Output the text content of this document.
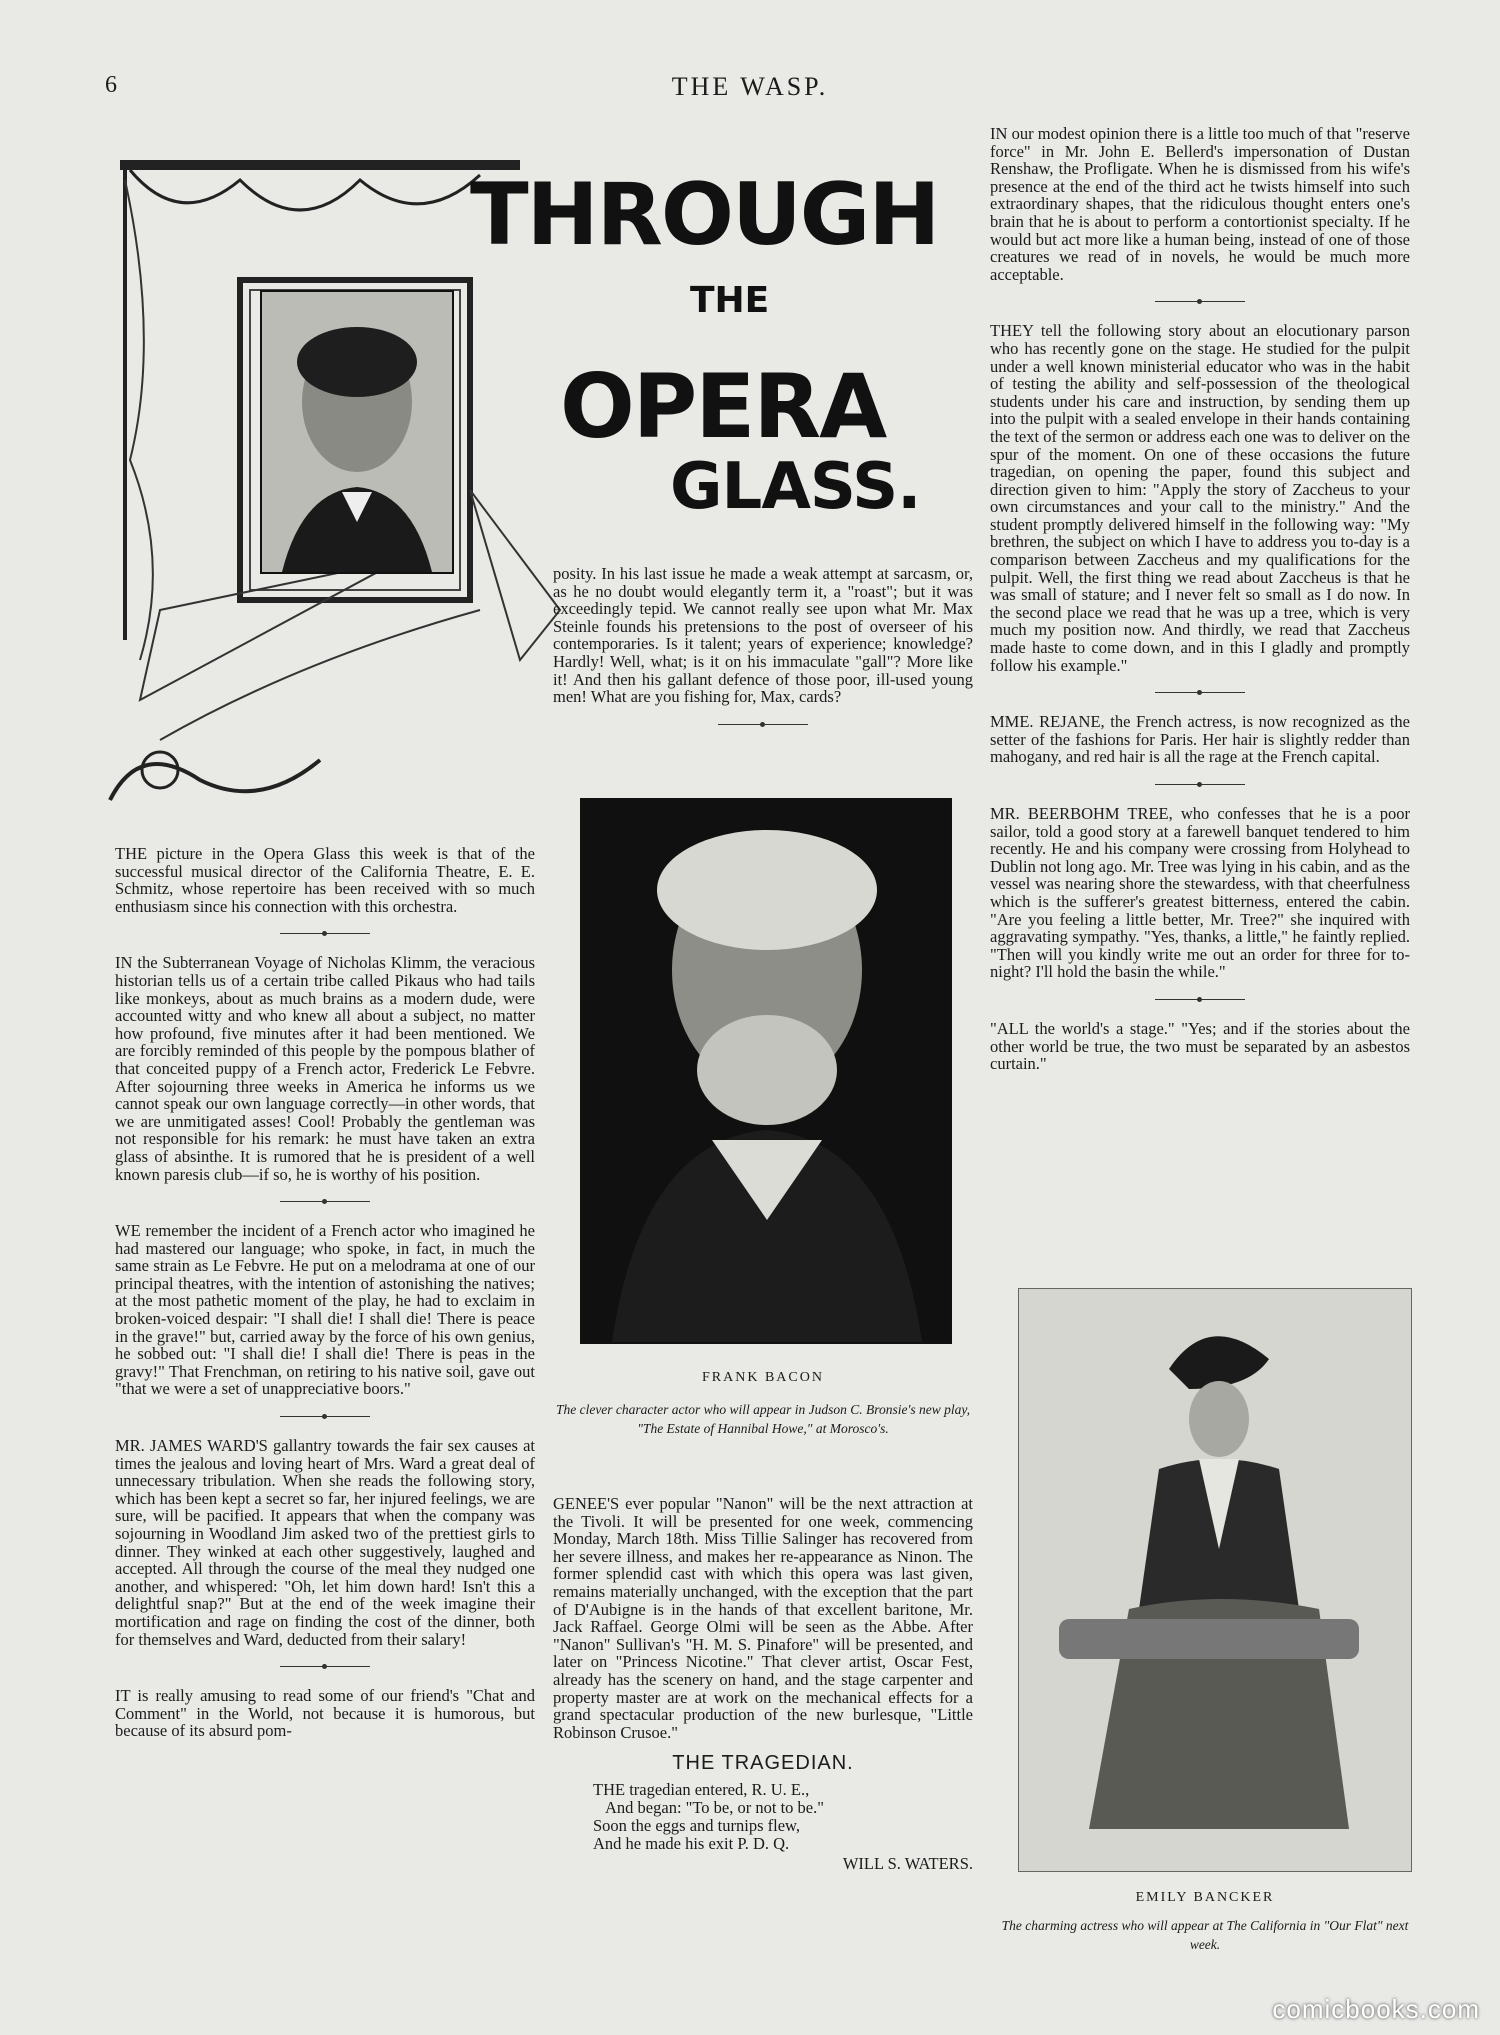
6	THE WASP.
THROUGH
THE
OPERA
GLASS.

THE picture in the Opera Glass this week is that of the successful musical director of the California Theatre, E. E. Schmitz, whose repertoire has been received with so much enthusiasm since his connection with this orchestra.

IN the Subterranean Voyage of Nicholas Klimm, the veracious historian tells us of a certain tribe called Pikaus who had tails like monkeys, about as much brains as a modern dude, were accounted witty and who knew all about a subject, no matter how profound, five minutes after it had been mentioned. We are forcibly reminded of this people by the pompous blather of that conceited puppy of a French actor, Frederick Le Febvre. After sojourning three weeks in America he informs us we cannot speak our own language correctly—in other words, that we are unmitigated asses! Cool! Probably the gentleman was not responsible for his remark: he must have taken an extra glass of absinthe. It is rumored that he is president of a well known paresis club—if so, he is worthy of his position.

WE remember the incident of a French actor who imagined he had mastered our language; who spoke, in fact, in much the same strain as Le Febvre. He put on a melodrama at one of our principal theatres, with the intention of astonishing the natives; at the most pathetic moment of the play, he had to exclaim in broken-voiced despair: "I shall die! I shall die! There is peace in the grave!" but, carried away by the force of his own genius, he sobbed out: "I shall die! I shall die! There is peas in the gravy!" That Frenchman, on retiring to his native soil, gave out "that we were a set of unappreciative boors."

MR. JAMES WARD'S gallantry towards the fair sex causes at times the jealous and loving heart of Mrs. Ward a great deal of unnecessary tribulation. When she reads the following story, which has been kept a secret so far, her injured feelings, we are sure, will be pacified. It appears that when the company was sojourning in Woodland Jim asked two of the prettiest girls to dinner. They winked at each other suggestively, laughed and accepted. All through the course of the meal they nudged one another, and whispered: "Oh, let him down hard! Isn't this a delightful snap?" But at the end of the week imagine their mortification and rage on finding the cost of the dinner, both for themselves and Ward, deducted from their salary!

IT is really amusing to read some of our friend's "Chat and Comment" in the World, not because it is humorous, but because of its absurd pom-

posity. In his last issue he made a weak attempt at sarcasm, or, as he no doubt would elegantly term it, a "roast"; but it was exceedingly tepid. We cannot really see upon what Mr. Max Steinle founds his pretensions to the post of overseer of his contemporaries. Is it talent; years of experience; knowledge? Hardly! Well, what; is it on his immaculate "gall"? More like it! And then his gallant defence of those poor, ill-used young men! What are you fishing for, Max, cards?

FRANK BACON
The clever character actor who will appear in Judson C. Bronsie's new play, "The Estate of Hannibal Howe," at Morosco's.

GENEE'S ever popular "Nanon" will be the next attraction at the Tivoli. It will be presented for one week, commencing Monday, March 18th. Miss Tillie Salinger has recovered from her severe illness, and makes her re-appearance as Ninon. The former splendid cast with which this opera was last given, remains materially unchanged, with the exception that the part of D'Aubigne is in the hands of that excellent baritone, Mr. Jack Raffael. George Olmi will be seen as the Abbe. After "Nanon" Sullivan's "H. M. S. Pinafore" will be presented, and later on "Princess Nicotine." That clever artist, Oscar Fest, already has the scenery on hand, and the stage carpenter and property master are at work on the mechanical effects for a grand spectacular production of the new burlesque, "Little Robinson Crusoe."

THE TRAGEDIAN.
THE tragedian entered, R. U. E.,
And began: "To be, or not to be."
Soon the eggs and turnips flew,
And he made his exit P. D. Q.
WILL S. WATERS.

IN our modest opinion there is a little too much of that "reserve force" in Mr. John E. Bellerd's impersonation of Dustan Renshaw, the Profligate. When he is dismissed from his wife's presence at the end of the third act he twists himself into such extraordinary shapes, that the ridiculous thought enters one's brain that he is about to perform a contortionist specialty. If he would but act more like a human being, instead of one of those creatures we read of in novels, he would be much more acceptable.

THEY tell the following story about an elocutionary parson who has recently gone on the stage. He studied for the pulpit under a well known ministerial educator who was in the habit of testing the ability and self-possession of the theological students under his care and instruction, by sending them up into the pulpit with a sealed envelope in their hands containing the text of the sermon or address each one was to deliver on the spur of the moment. On one of these occasions the future tragedian, on opening the paper, found this subject and direction given to him: "Apply the story of Zaccheus to your own circumstances and your call to the ministry." And the student promptly delivered himself in the following way: "My brethren, the subject on which I have to address you to-day is a comparison between Zaccheus and my qualifications for the pulpit. Well, the first thing we read about Zaccheus is that he was small of stature; and I never felt so small as I do now. In the second place we read that he was up a tree, which is very much my position now. And thirdly, we read that Zaccheus made haste to come down, and in this I gladly and promptly follow his example."

MME. REJANE, the French actress, is now recognized as the setter of the fashions for Paris. Her hair is slightly redder than mahogany, and red hair is all the rage at the French capital.

MR. BEERBOHM TREE, who confesses that he is a poor sailor, told a good story at a farewell banquet tendered to him recently. He and his company were crossing from Holyhead to Dublin not long ago. Mr. Tree was lying in his cabin, and as the vessel was nearing shore the stewardess, with that cheerfulness which is the sufferer's greatest bitterness, entered the cabin. "Are you feeling a little better, Mr. Tree?" she inquired with aggravating sympathy. "Yes, thanks, a little," he faintly replied. "Then will you kindly write me out an order for three for to-night? I'll hold the basin the while."

"ALL the world's a stage." "Yes; and if the stories about the other world be true, the two must be separated by an asbestos curtain."

EMILY BANCKER
The charming actress who will appear at The California in "Our Flat" next week.
comicbooks.com
